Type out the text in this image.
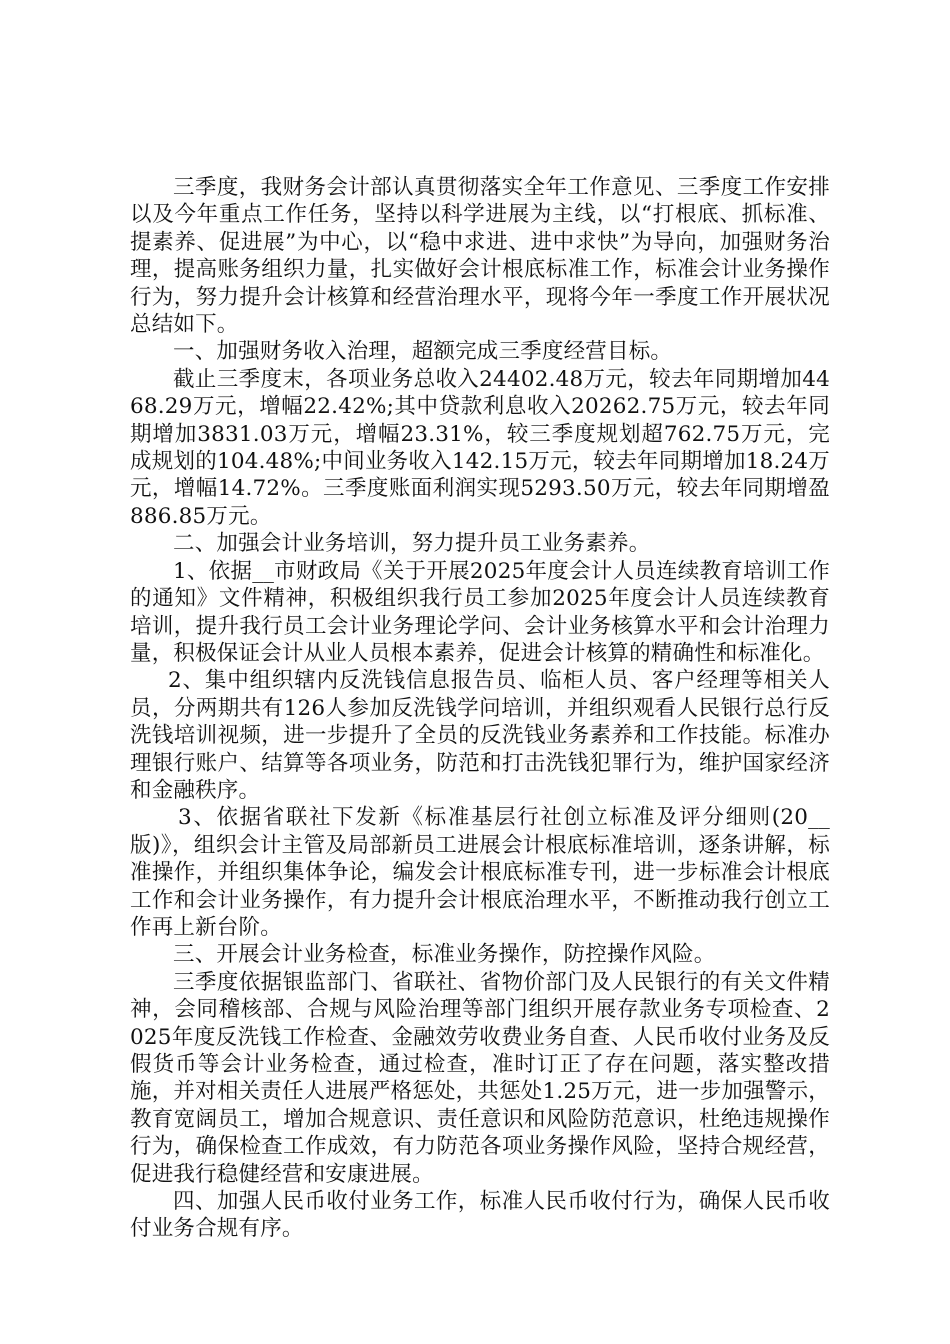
三季度，我财务会计部认真贯彻落实全年工作意见、三季度工作安排以及今年重点工作任务，坚持以科学进展为主线，以“打根底、抓标准、提素养、促进展”为中心，以“稳中求进、进中求快”为导向，加强财务治理，提高账务组织力量，扎实做好会计根底标准工作，标准会计业务操作行为，努力提升会计核算和经营治理水平，现将今年一季度工作开展状况总结如下。

一、加强财务收入治理，超额完成三季度经营目标。

截止三季度末，各项业务总收入24402.48万元，较去年同期增加4468.29万元，增幅22.42%;其中贷款利息收入20262.75万元，较去年同期增加3831.03万元，增幅23.31%，较三季度规划超762.75万元，完成规划的104.48%;中间业务收入142.15万元，较去年同期增加18.24万元，增幅14.72%。三季度账面利润实现5293.50万元，较去年同期增盈886.85万元。

二、加强会计业务培训，努力提升员工业务素养。

1、依据__市财政局《关于开展2025年度会计人员连续教育培训工作的通知》文件精神，积极组织我行员工参加2025年度会计人员连续教育培训，提升我行员工会计业务理论学问、会计业务核算水平和会计治理力量，积极保证会计从业人员根本素养，促进会计核算的精确性和标准化。

2、集中组织辖内反洗钱信息报告员、临柜人员、客户经理等相关人员，分两期共有126人参加反洗钱学问培训，并组织观看人民银行总行反洗钱培训视频，进一步提升了全员的反洗钱业务素养和工作技能。标准办理银行账户、结算等各项业务，防范和打击洗钱犯罪行为，维护国家经济和金融秩序。

3、依据省联社下发新《标准基层行社创立标准及评分细则(20__版)》，组织会计主管及局部新员工进展会计根底标准培训，逐条讲解，标准操作，并组织集体争论，编发会计根底标准专刊，进一步标准会计根底工作和会计业务操作，有力提升会计根底治理水平，不断推动我行创立工作再上新台阶。

三、开展会计业务检查，标准业务操作，防控操作风险。

三季度依据银监部门、省联社、省物价部门及人民银行的有关文件精神，会同稽核部、合规与风险治理等部门组织开展存款业务专项检查、2025年度反洗钱工作检查、金融效劳收费业务自查、人民币收付业务及反假货币等会计业务检查，通过检查，准时订正了存在问题，落实整改措施，并对相关责任人进展严格惩处，共惩处1.25万元，进一步加强警示，教育宽阔员工，增加合规意识、责任意识和风险防范意识，杜绝违规操作行为，确保检查工作成效，有力防范各项业务操作风险，坚持合规经营，促进我行稳健经营和安康进展。

四、加强人民币收付业务工作，标准人民币收付行为，确保人民币收付业务合规有序。
